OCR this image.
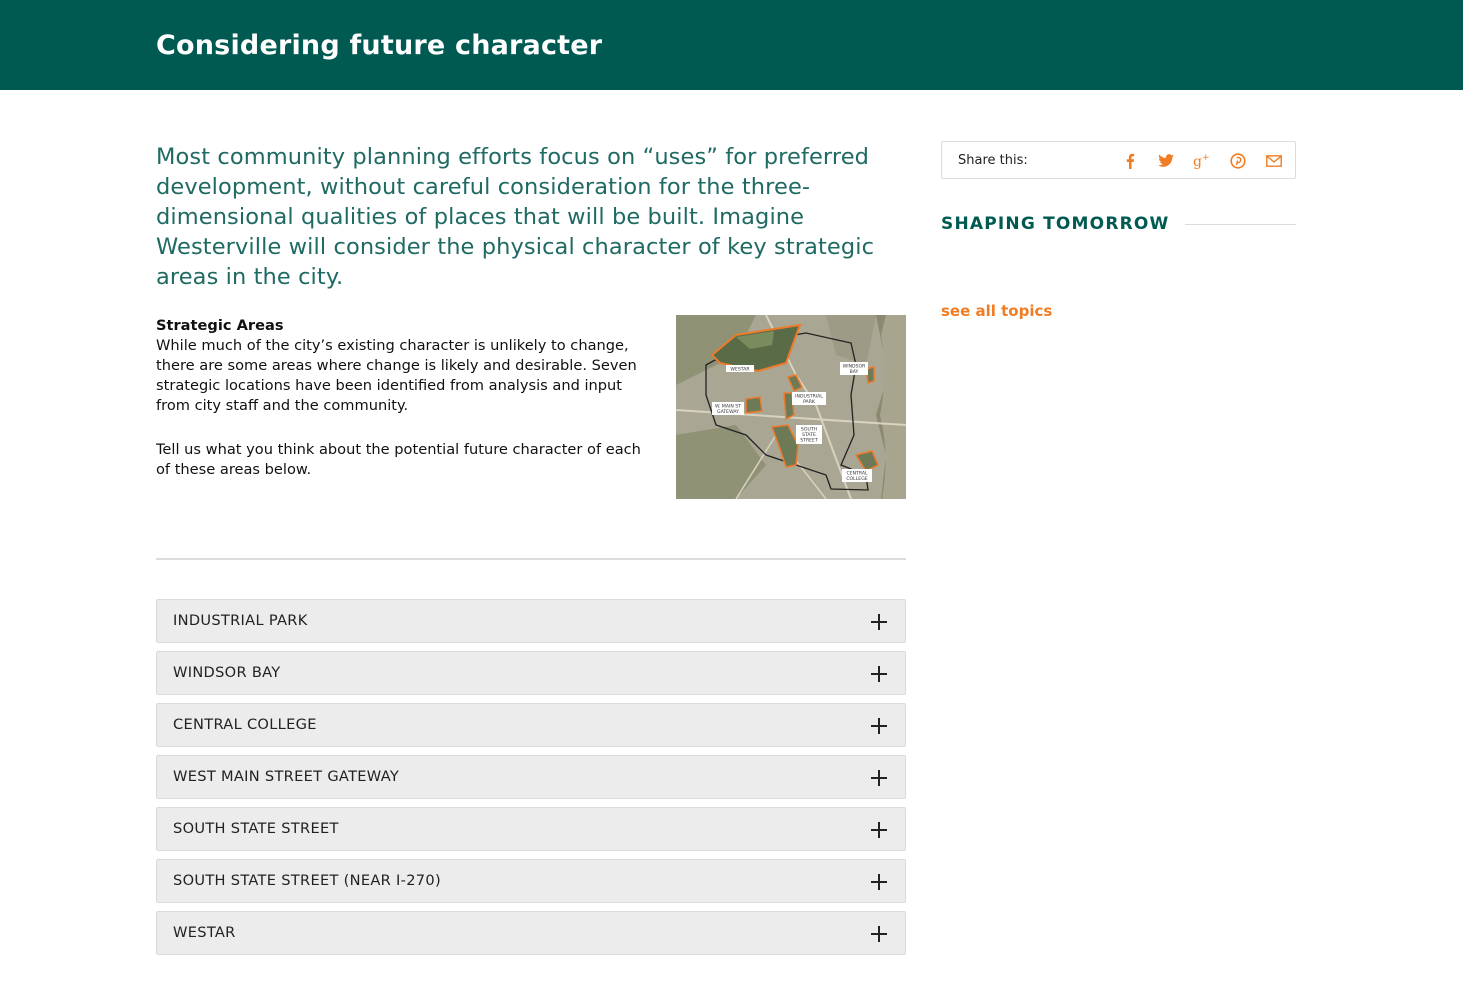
Considering future character
Most community planning efforts focus on “uses” for preferred development, without careful consideration for the three-dimensional qualities of places that will be built. Imagine Westerville will consider the physical character of key strategic areas in the city.
Strategic Areas

While much of the city’s existing character is unlikely to change, there are some areas where change is likely and desirable. Seven strategic locations have been identified from analysis and input from city staff and the community.

Tell us what you think about the potential future character of each of these areas below.

WESTAR
WINDSOR
BAY
INDUSTRIAL
PARK
W. MAIN ST
GATEWAY
SOUTH
STATE
STREET
CENTRAL
COLLEGE
INDUSTRIAL PARK
WINDSOR BAY
CENTRAL COLLEGE
WEST MAIN STREET GATEWAY
SOUTH STATE STREET
SOUTH STATE STREET (NEAR I-270)
WESTAR
Share this:	g +
SHAPING TOMORROW
see all topics
